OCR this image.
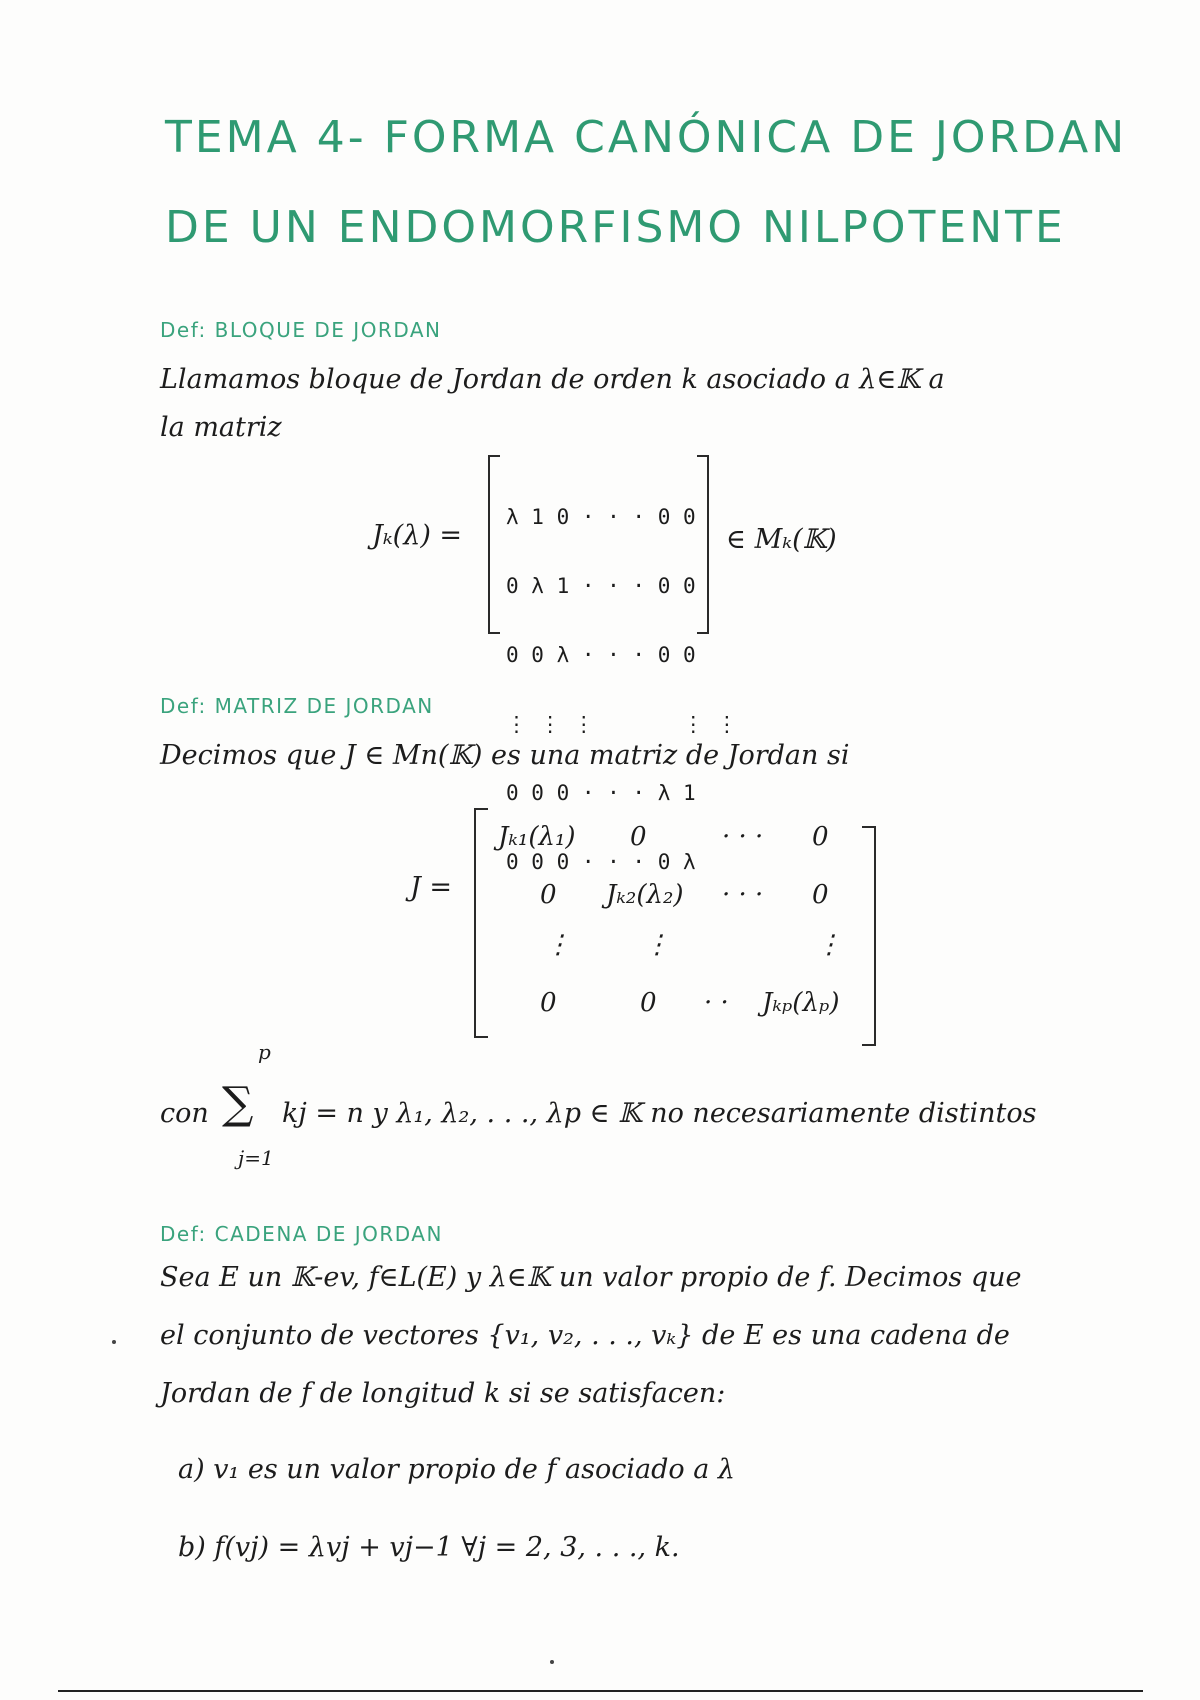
TEMA 4- FORMA CANÓNICA DE JORDAN
DE UN ENDOMORFISMO NILPOTENTE
Def: BLOQUE DE JORDAN
Llamamos bloque de Jordan de orden k asociado a λ∈𝕂 a
la matriz
Jₖ(λ) =

λ 1 0 · · · 0 0

0 λ 1 · · · 0 0

0 0 λ · · · 0 0

⋮ ⋮ ⋮       ⋮ ⋮

0 0 0 · · · λ 1

0 0 0 · · · 0 λ

∈ Mₖ(𝕂)
Def: MATRIZ DE JORDAN
Decimos que J ∈ Mn(𝕂) es una matriz de Jordan si
J =
Jₖ₁(λ₁) 0	· · · 0
0 Jₖ₂(λ₂) · · · 0
⋮	⋮	⋮
0	0 · · Jₖₚ(λₚ)
con
p
∑
j=1
kj = n y λ₁, λ₂, . . ., λp ∈ 𝕂 no necesariamente distintos
Def: CADENA DE JORDAN
Sea E un 𝕂-ev, f∈L(E) y λ∈𝕂 un valor propio de f. Decimos que
el conjunto de vectores {v₁, v₂, . . ., vₖ} de E es una cadena de
Jordan de f de longitud k si se satisfacen:
a) v₁ es un valor propio de f asociado a λ
b) f(vj) = λvj + vj−1 ∀j = 2, 3, . . ., k.
